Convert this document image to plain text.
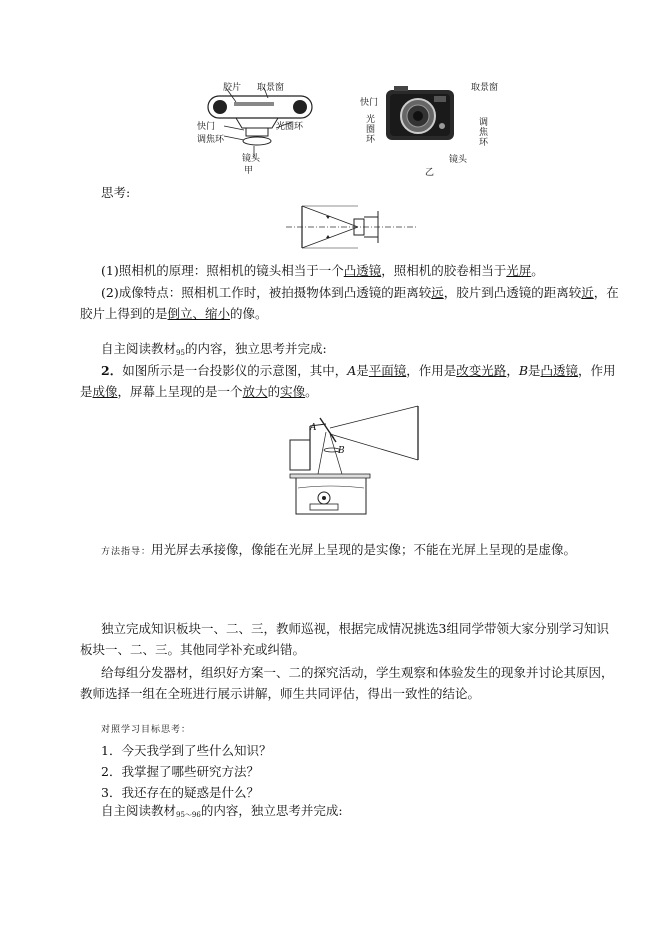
胶片 取景窗
快门	光圈环
调焦环
镜头
甲
取景窗
快门
光圈环
调焦环
镜头
乙
思考:
(1)照相机的原理：照相机的镜头相当于一个凸透镜，照相机的胶卷相当于光屏。
(2)成像特点：照相机工作时，被拍摄物体到凸透镜的距离较远，胶片到凸透镜的距离较近，在
胶片上得到的是倒立、缩小的像。
自主阅读教材$_{95}$的内容，独立思考并完成:
2．如图所示是一台投影仪的示意图，其中，A是平面镜，作用是改变光路，B是凸透镜，作用
是成像，屏幕上呈现的是一个放大的实像。
A
B
方法指导：用光屏去承接像，像能在光屏上呈现的是实像；不能在光屏上呈现的是虚像。
独立完成知识板块一、二、三，教师巡视，根据完成情况挑选3组同学带领大家分别学习知识
板块一、二、三。其他同学补充或纠错。
给每组分发器材，组织好方案一、二的探究活动，学生观察和体验发生的现象并讨论其原因，
教师选择一组在全班进行展示讲解，师生共同评估，得出一致性的结论。
对照学习目标思考：
1．今天我学到了些什么知识？
2．我掌握了哪些研究方法？
3．我还存在的疑惑是什么？
自主阅读教材$_{95\sim 96}$的内容，独立思考并完成:
